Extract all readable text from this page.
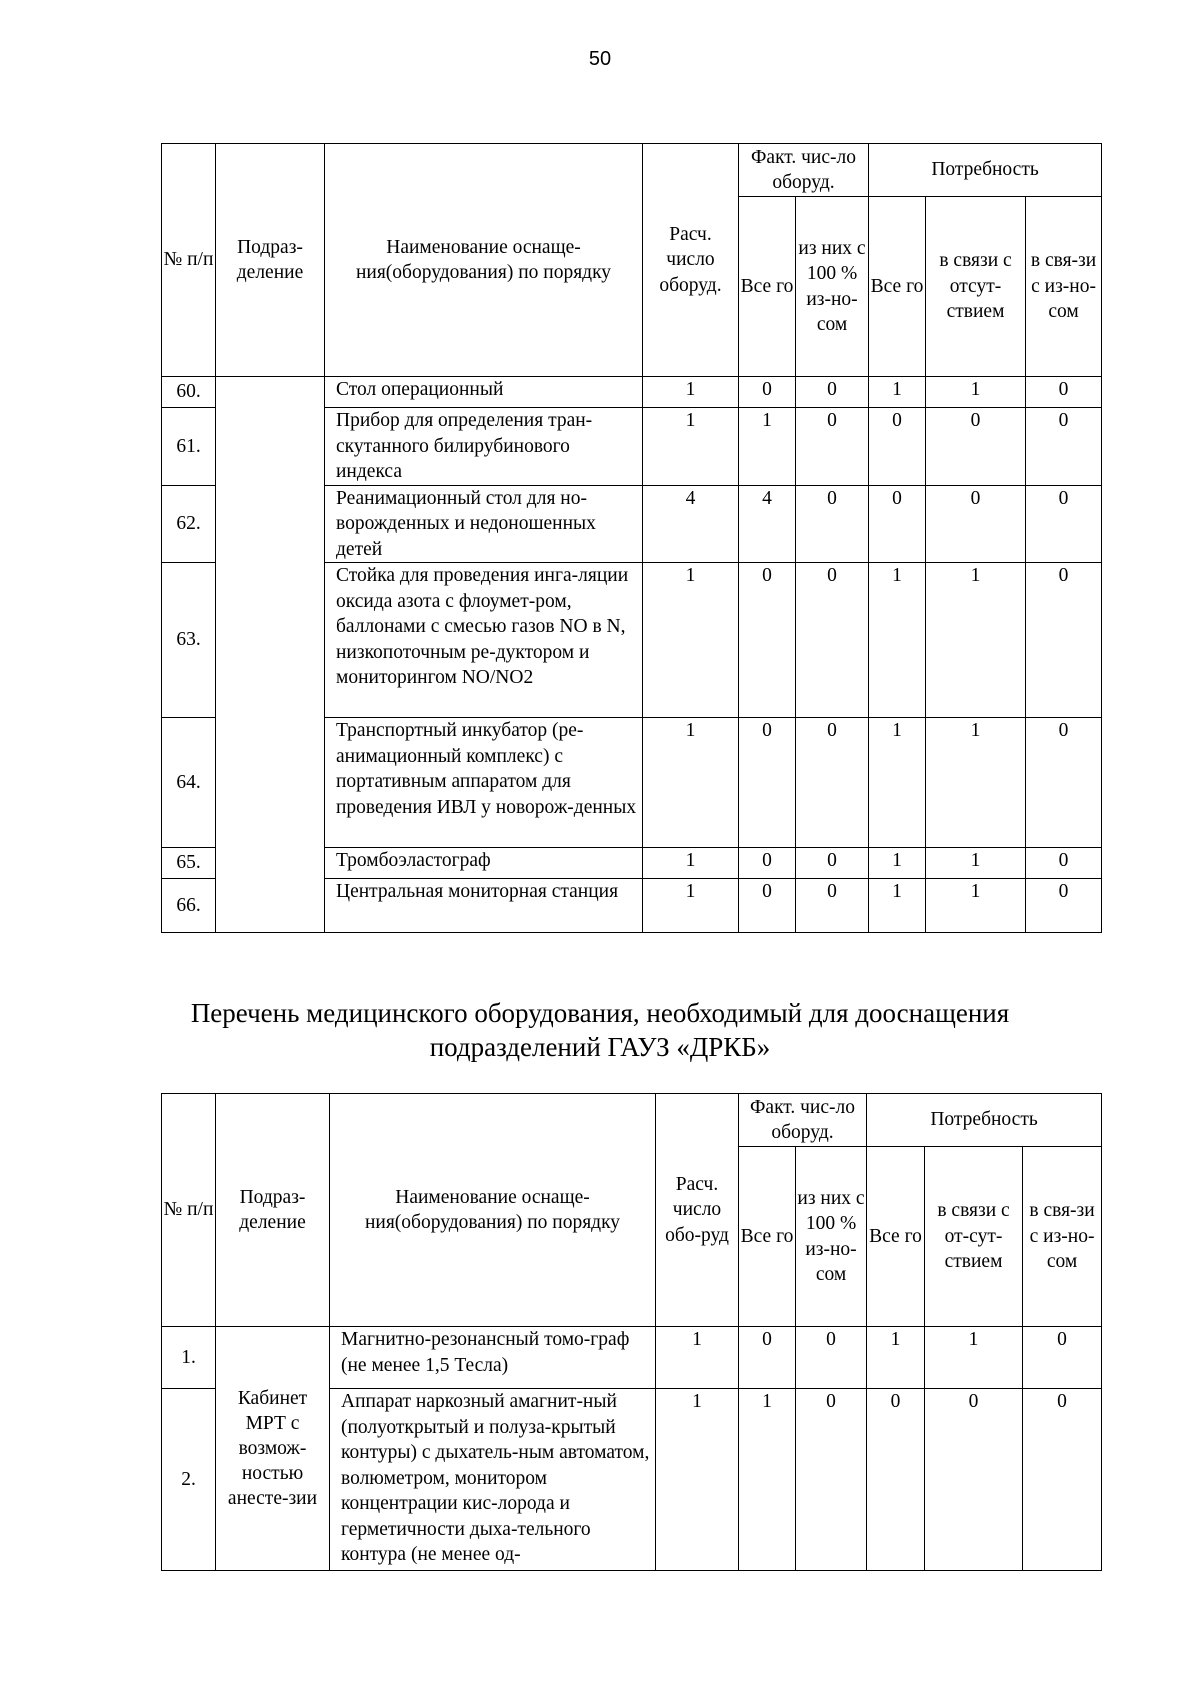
50
№ п/п	Подраз-деление	Наименование оснаще-ния(оборудования) по порядку	Расч. число оборуд.	Факт. чис-ло оборуд.		Потребность		
				Все го	из них с 100 % из-но-сом	Все го	в связи с отсут-ствием	в свя-зи с из-но-сом
60.		Стол операционный	1	0	0	1	1	0
61.		Прибор для определения тран-скутанного билирубинового индекса	1	1	0	0	0	0
62.		Реанимационный стол для но-ворожденных и недоношенных детей	4	4	0	0	0	0
63.		Стойка для проведения инга-ляции оксида азота с флоумет-ром, баллонами с смесью газов NO в N, низкопоточным ре-дуктором и мониторингом NO/NO2	1	0	0	1	1	0
64.		Транспортный инкубатор (ре-анимационный комплекс) с портативным аппаратом для проведения ИВЛ у новорож-денных	1	0	0	1	1	0
65.		Тромбоэластограф	1	0	0	1	1	0
66.		Центральная мониторная станция	1	0	0	1	1	0
Перечень медицинского оборудования, необходимый для дооснащения
подразделений ГАУЗ «ДРКБ»
№ п/п	Подраз-деление	Наименование оснаще-ния(оборудования) по порядку	Расч. число обо-руд	Факт. чис-ло оборуд.		Потребность		
				Все го	из них с 100 % из-но-сом	Все го	в связи с от-сут-ствием	в свя-зи с из-но-сом
1.	Кабинет МРТ с возмож-ностью анесте-зии	Магнитно-резонансный томо-граф (не менее 1,5 Тесла)	1	0	0	1	1	0
2.		Аппарат наркозный амагнит-ный (полуоткрытый и полуза-крытый контуры) с дыхатель-ным автоматом, волюметром, монитором концентрации кис-лорода и герметичности дыха-тельного контура (не менее од-	1	1	0	0	0	0
